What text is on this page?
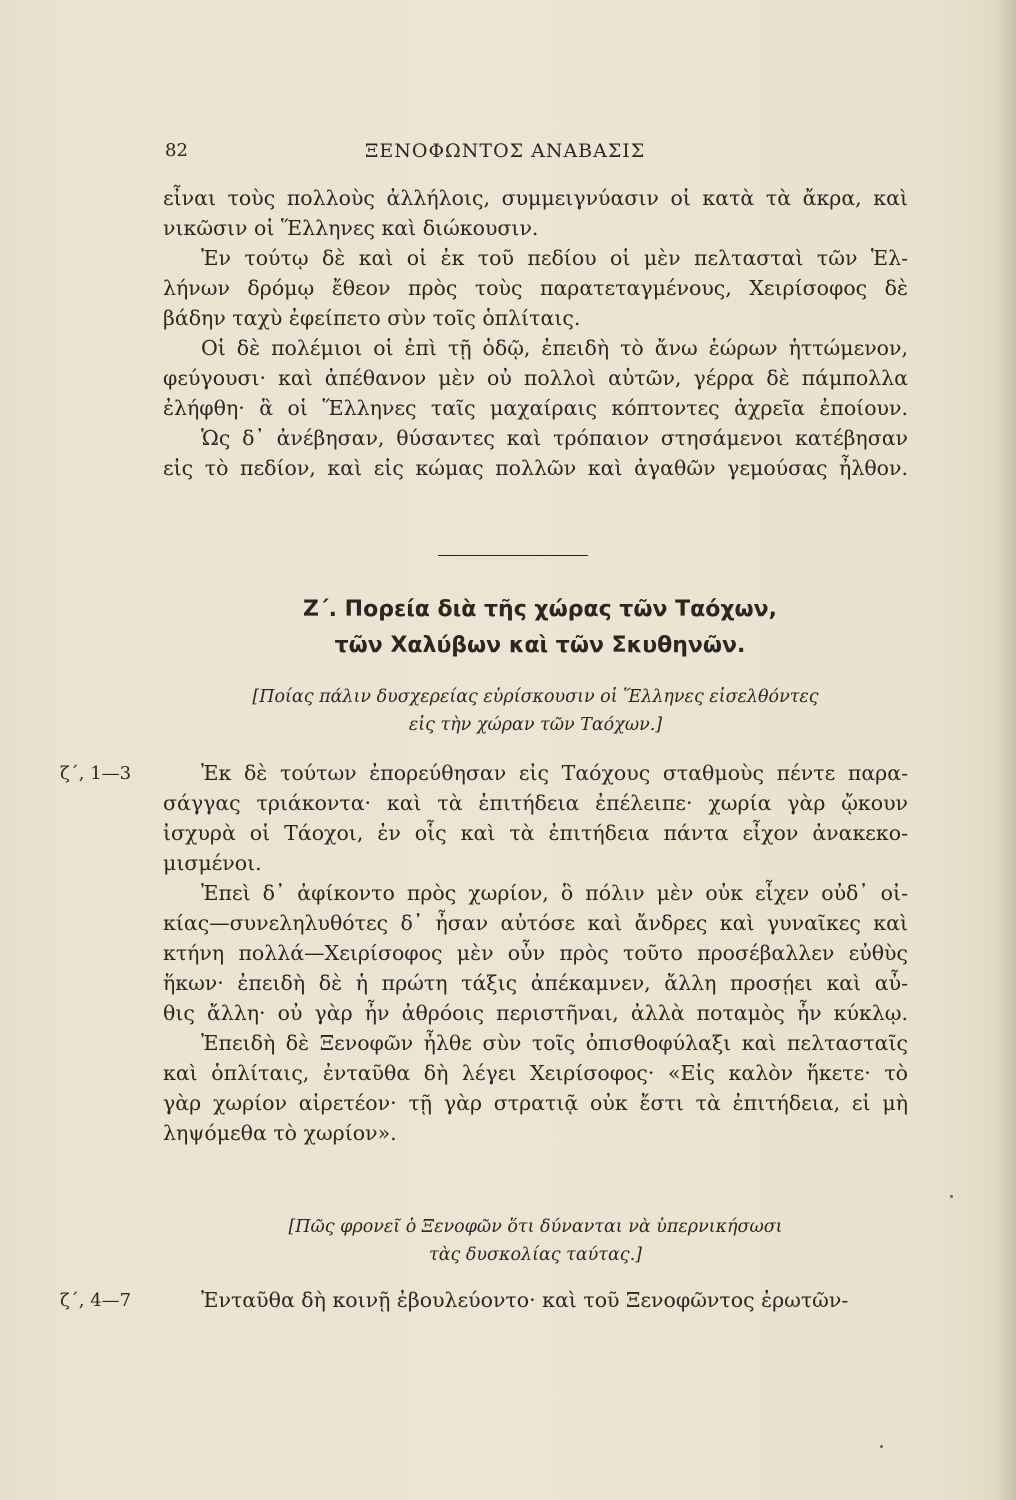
82	ΞΕΝΟΦΩΝΤΟΣ ΑΝΑΒΑΣΙΣ
εἶναι τοὺς πολλοὺς ἀλλήλοις, συμμειγνύασιν οἱ κατὰ τὰ ἄκρα, καὶ
νικῶσιν οἱ Ἕλληνες καὶ διώκουσιν.
Ἐν τούτῳ δὲ καὶ οἱ ἐκ τοῦ πεδίου οἱ μὲν πελτασταὶ τῶν Ἑλ-
λήνων δρόμῳ ἔθεον πρὸς τοὺς παρατεταγμένους, Χειρίσοφος δὲ
βάδην ταχὺ ἐφείπετο σὺν τοῖς ὁπλίταις.
Οἱ δὲ πολέμιοι οἱ ἐπὶ τῇ ὁδῷ, ἐπειδὴ τὸ ἄνω ἑώρων ἡττώμενον,
φεύγουσι· καὶ ἀπέθανον μὲν οὐ πολλοὶ αὐτῶν, γέρρα δὲ πάμπολλα
ἐλήφθη· ἃ οἱ Ἕλληνες ταῖς μαχαίραις κόπτοντες ἀχρεῖα ἐποίουν.
Ὡς δ᾽ ἀνέβησαν, θύσαντες καὶ τρόπαιον στησάμενοι κατέβησαν
εἰς τὸ πεδίον, καὶ εἰς κώμας πολλῶν καὶ ἀγαθῶν γεμούσας ἦλθον.
Ζ΄. Πορεία διὰ τῆς χώρας τῶν Ταόχων,
τῶν Χαλύβων καὶ τῶν Σκυθηνῶν.
[Ποίας πάλιν δυσχερείας εὑρίσκουσιν οἱ Ἕλληνες εἰσελθόντες
εἰς τὴν χώραν τῶν Ταόχων.]
ζ΄, 1—3	Ἐκ δὲ τούτων ἐπορεύθησαν εἰς Ταόχους σταθμοὺς πέντε παρα-
σάγγας τριάκοντα· καὶ τὰ ἐπιτήδεια ἐπέλειπε· χωρία γὰρ ᾤκουν
ἰσχυρὰ οἱ Τάοχοι, ἐν οἷς καὶ τὰ ἐπιτήδεια πάντα εἶχον ἀνακεκο-
μισμένοι.
Ἐπεὶ δ᾽ ἀφίκοντο πρὸς χωρίον, ὃ πόλιν μὲν οὐκ εἶχεν οὐδ᾽ οἰ-
κίας—συνεληλυθότες δ᾽ ἦσαν αὐτόσε καὶ ἄνδρες καὶ γυναῖκες καὶ
κτήνη πολλά—Χειρίσοφος μὲν οὖν πρὸς τοῦτο προσέβαλλεν εὐθὺς
ἥκων· ἐπειδὴ δὲ ἡ πρώτη τάξις ἀπέκαμνεν, ἄλλη προσῄει καὶ αὖ-
θις ἄλλη· οὐ γὰρ ἦν ἀθρόοις περιστῆναι, ἀλλὰ ποταμὸς ἦν κύκλῳ.
Ἐπειδὴ δὲ Ξενοφῶν ἦλθε σὺν τοῖς ὀπισθοφύλαξι καὶ πελτασταῖς
καὶ ὁπλίταις, ἐνταῦθα δὴ λέγει Χειρίσοφος· «Εἰς καλὸν ἥκετε· τὸ
γὰρ χωρίον αἱρετέον· τῇ γὰρ στρατιᾷ οὐκ ἔστι τὰ ἐπιτήδεια, εἰ μὴ
ληψόμεθα τὸ χωρίον».
[Πῶς φρονεῖ ὁ Ξενοφῶν ὅτι δύνανται νὰ ὑπερνικήσωσι
τὰς δυσκολίας ταύτας.]
ζ΄, 4—7	Ἐνταῦθα δὴ κοινῇ ἐβουλεύοντο· καὶ τοῦ Ξενοφῶντος ἐρωτῶν-
